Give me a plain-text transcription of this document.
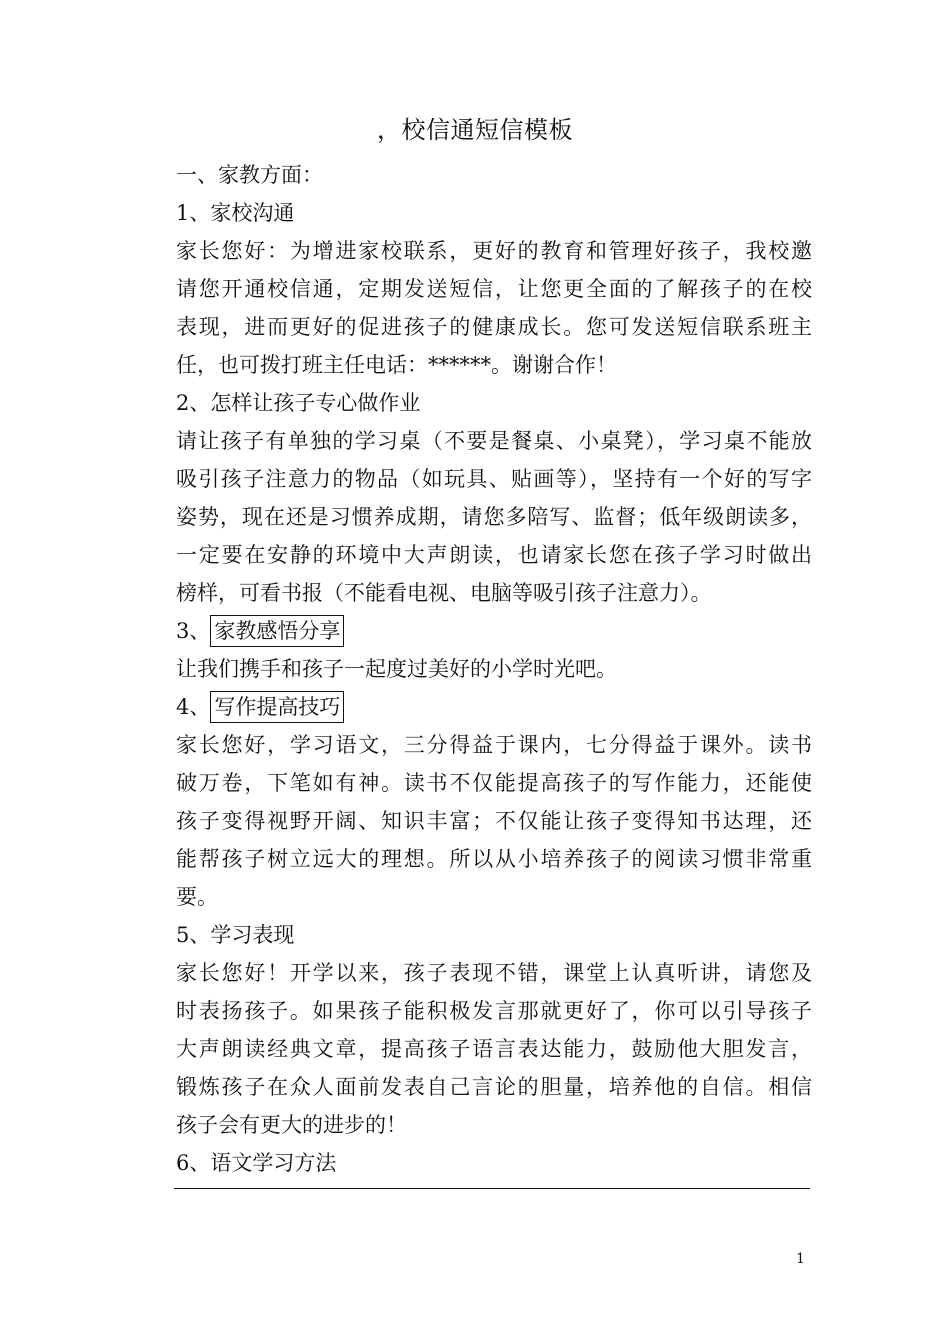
，校信通短信模板
一、家教方面：
1、家校沟通
家长您好：为增进家校联系，更好的教育和管理好孩子，我校邀
请您开通校信通，定期发送短信，让您更全面的了解孩子的在校
表现，进而更好的促进孩子的健康成长。您可发送短信联系班主
任，也可拨打班主任电话：******。谢谢合作！
2、怎样让孩子专心做作业
请让孩子有单独的学习桌（不要是餐桌、小桌凳），学习桌不能放
吸引孩子注意力的物品（如玩具、贴画等），坚持有一个好的写字
姿势，现在还是习惯养成期，请您多陪写、监督；低年级朗读多，
一定要在安静的环境中大声朗读，也请家长您在孩子学习时做出
榜样，可看书报（不能看电视、电脑等吸引孩子注意力）。
3、 家教感悟分享
让我们携手和孩子一起度过美好的小学时光吧。
4、 写作提高技巧
家长您好，学习语文，三分得益于课内，七分得益于课外。读书
破万卷，下笔如有神。读书不仅能提高孩子的写作能力，还能使
孩子变得视野开阔、知识丰富；不仅能让孩子变得知书达理，还
能帮孩子树立远大的理想。所以从小培养孩子的阅读习惯非常重
要。
5、学习表现
家长您好！开学以来，孩子表现不错，课堂上认真听讲，请您及
时表扬孩子。如果孩子能积极发言那就更好了，你可以引导孩子
大声朗读经典文章，提高孩子语言表达能力，鼓励他大胆发言，
锻炼孩子在众人面前发表自己言论的胆量，培养他的自信。相信
孩子会有更大的进步的！
6、语文学习方法
1
